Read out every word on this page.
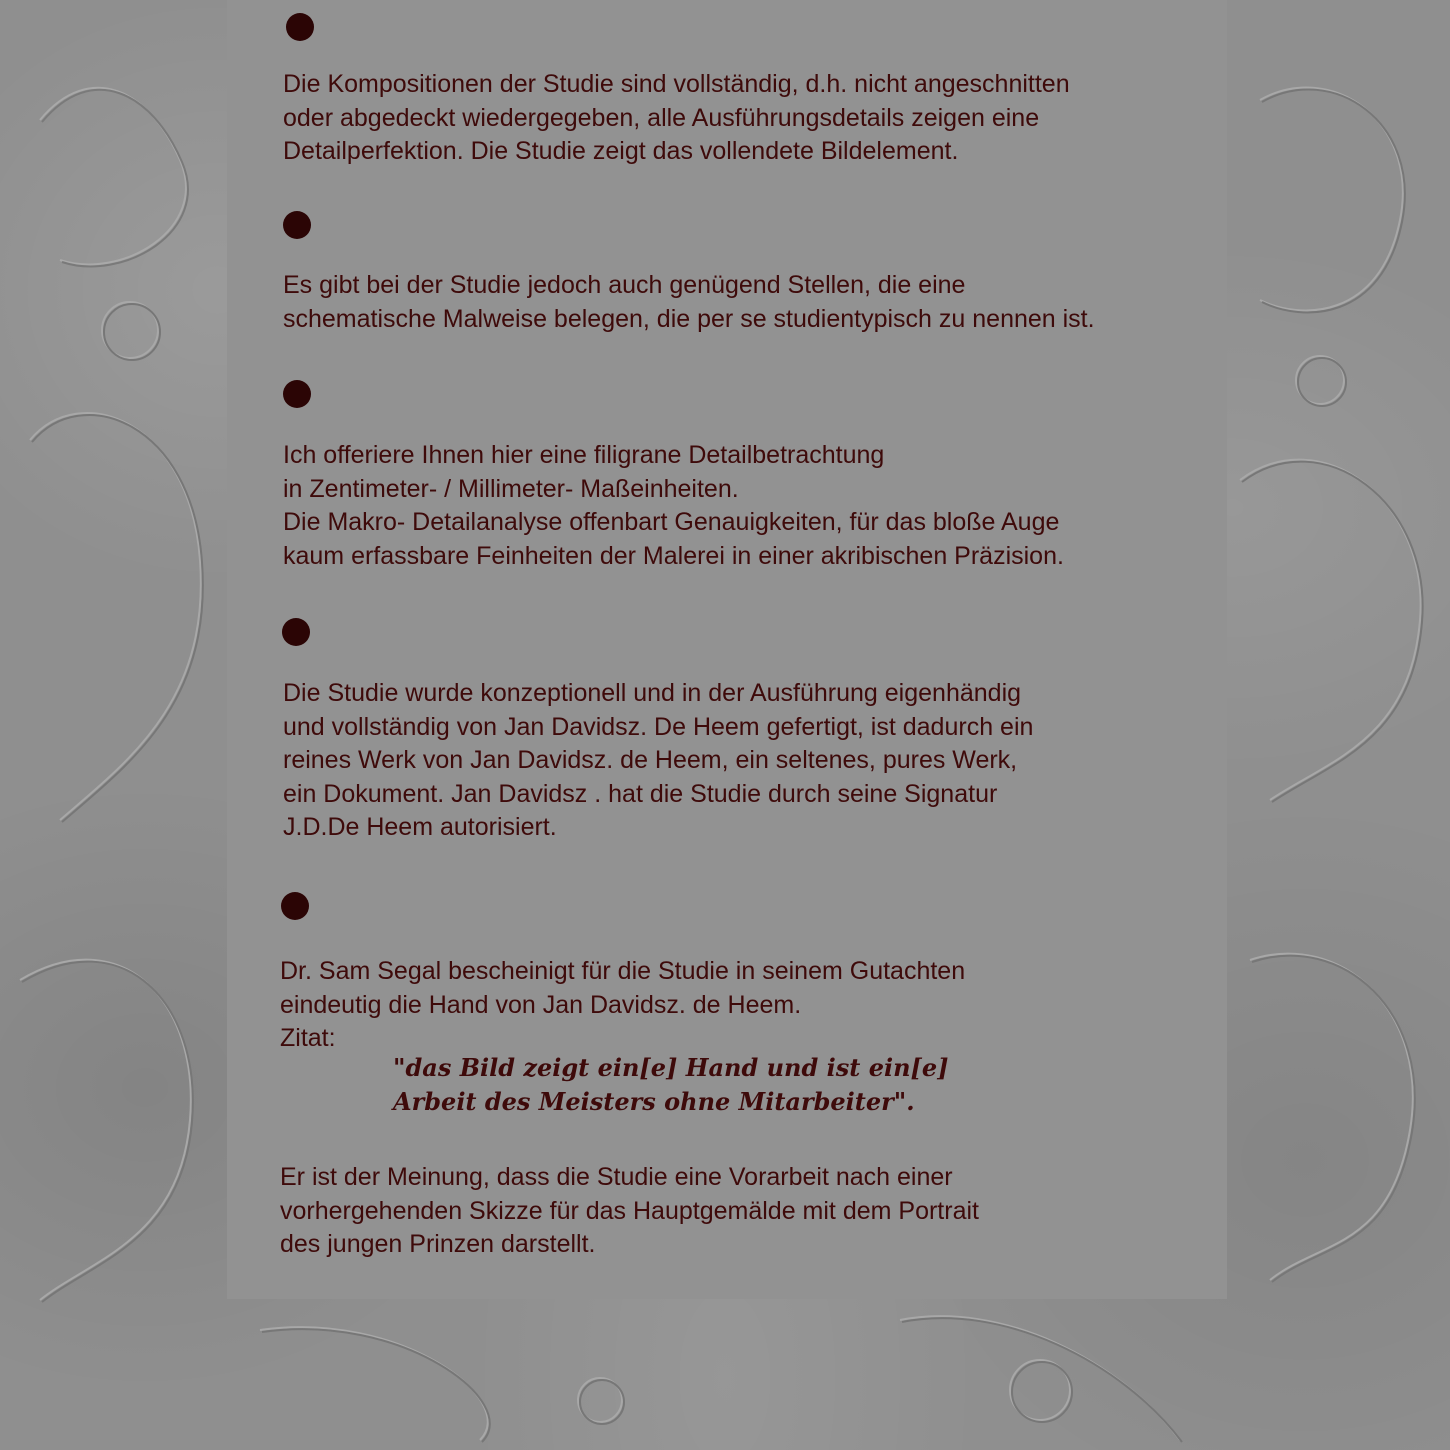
Die Kompositionen der Studie sind vollständig, d.h. nicht angeschnitten
oder abgedeckt wiedergegeben, alle Ausführungsdetails zeigen eine
Detailperfektion. Die Studie zeigt das vollendete Bildelement.

Es gibt bei der Studie jedoch auch genügend Stellen, die eine
schematische Malweise belegen, die per se studientypisch zu nennen ist.

Ich offeriere Ihnen hier eine filigrane Detailbetrachtung
in Zentimeter- / Millimeter- Maßeinheiten.
Die Makro- Detailanalyse offenbart Genauigkeiten, für das bloße Auge
kaum erfassbare Feinheiten der Malerei in einer akribischen Präzision.

Die Studie wurde konzeptionell und in der Ausführung eigenhändig
und vollständig von Jan Davidsz. De Heem gefertigt, ist dadurch ein
reines Werk von Jan Davidsz. de Heem, ein seltenes, pures Werk,
ein Dokument. Jan Davidsz . hat die Studie durch seine Signatur
J.D.De Heem autorisiert.

Dr. Sam Segal bescheinigt für die Studie in seinem Gutachten
eindeutig die Hand von Jan Davidsz. de Heem.
Zitat:

"das Bild zeigt ein[e] Hand und ist ein[e]
Arbeit des Meisters ohne Mitarbeiter".

Er ist der Meinung, dass die Studie eine Vorarbeit nach einer
vorhergehenden Skizze für das Hauptgemälde mit dem Portrait
des jungen Prinzen darstellt.
